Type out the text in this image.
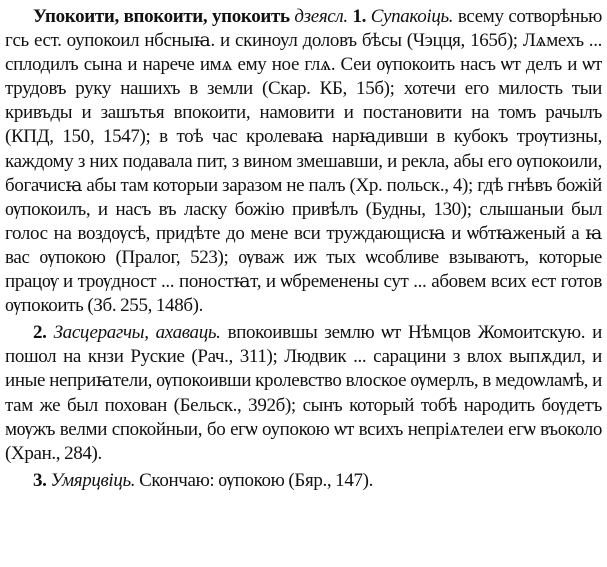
Упокоити, впокоити, упокоить дзеясл. 1. Супакоіць. всему сотворѣнью гсь ест. оупокоил нбсныꙗ. и скиноул доловъ бѣсы (Чэцця, 165б); Лѧмехъ ... сплодилъ сына и нарече имѧ ему ное глѧ. Сеи ѹпокоить насъ ѡт делъ и ѡт трудовъ руку нашихъ в земли (Скар. КБ, 15б); хотечи его милость тыи кривъды и зашътья впокоити, намовити и постановити на томъ рачылъ (КПД, 150, 1547); в тоѣ час кролеваꙗ нарꙗдивши в кубокъ трѹтизны, каждому з них подавала пит, з вином змешавши, и рекла, абы его ѹпокоили, богачисꙗ абы там которыи заразом не палъ (Хр. польск., 4); гдѣ гнѣвъ божій ѹпокоилъ, и насъ въ ласку божію привѣлъ (Будны, 130); слышаныи был голос на воздѹсѣ, придѣте до мене вси труждающисꙗ и ѡбтꙗженый а ꙗ вас ѹпокою (Пралог, 523); ѹваж иж тых ѡсобливе взываютъ, которые працѹ и трѹдност ... поностꙗт, и ѡбременены сут ... абовем всих ест готов ѹпокоить (Зб. 255, 148б).

2. Засцерагчы, ахаваць. впокоившы землю ѡт Нѣмцов Жомоитскую. и пошол на кнзи Руские (Рач., 311); Людвик ... сарацини з влох выпѫдил, и иные неприꙗтели, ѹпокоивши кролевство влоское ѹмерлъ, в медоѡламѣ, и там же был похован (Бельск., 392б); сынъ который тобѣ народить бѹдетъ мѹжъ велми спокойныи, бо егѡ оупокою ѡт всихъ непріѧтелеи егѡ въоколо (Хран., 284).

3. Умярцвіць. Скончаю: ѹпокою (Бяр., 147).
